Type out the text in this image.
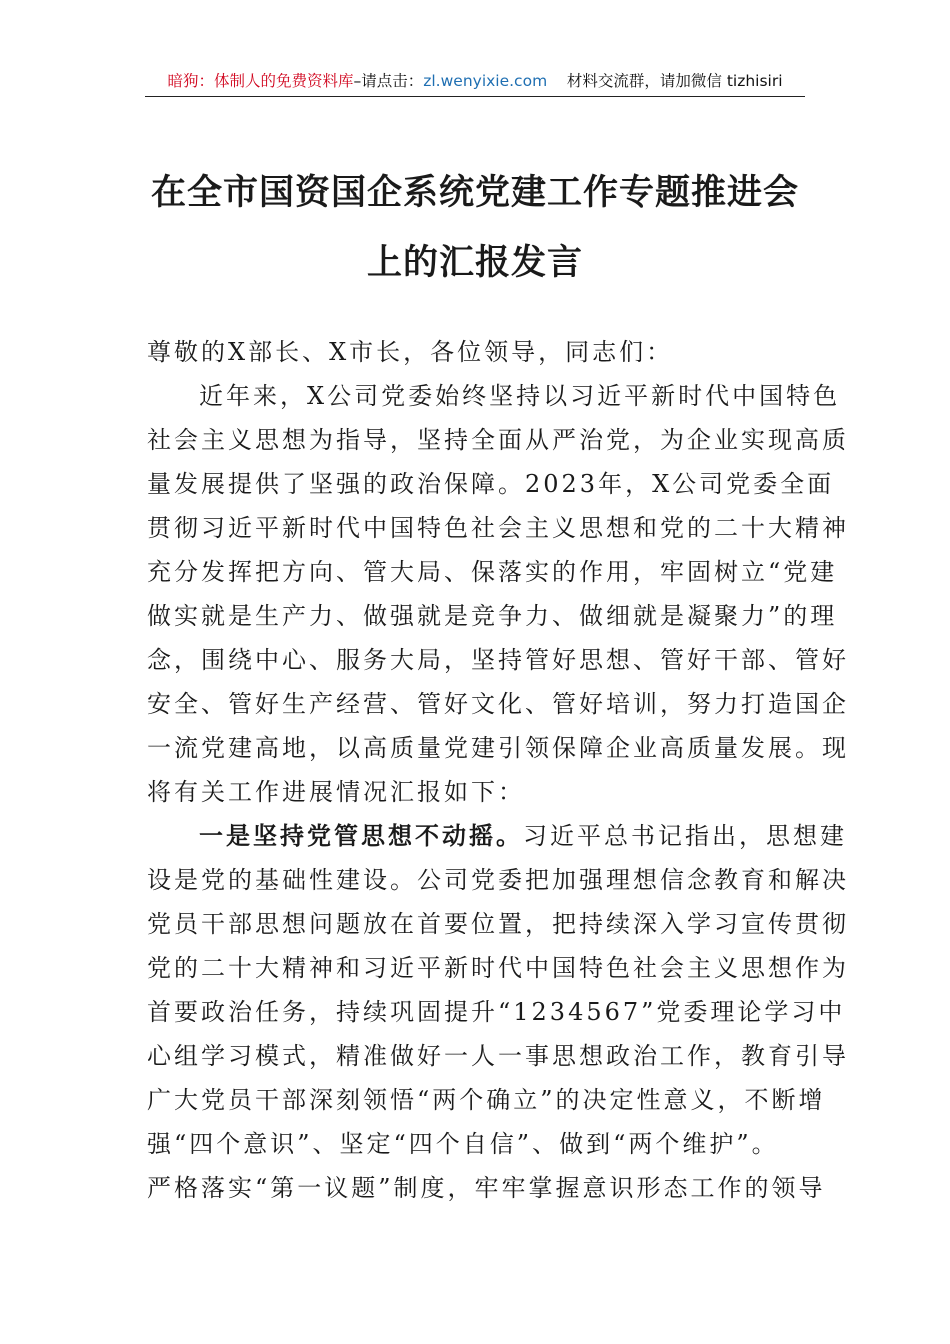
暗狗：体制人的免费资料库–请点击：zl.wenyixie.com 材料交流群，请加微信 tizhisiri
在全市国资国企系统党建工作专题推进会
上的汇报发言
尊敬的X部长、X市长，各位领导，同志们：
近年来，X公司党委始终坚持以习近平新时代中国特色
社会主义思想为指导，坚持全面从严治党，为企业实现高质
量发展提供了坚强的政治保障。2023年，X公司党委全面
贯彻习近平新时代中国特色社会主义思想和党的二十大精神
充分发挥把方向、管大局、保落实的作用，牢固树立“党建
做实就是生产力、做强就是竞争力、做细就是凝聚力”的理
念，围绕中心、服务大局，坚持管好思想、管好干部、管好
安全、管好生产经营、管好文化、管好培训，努力打造国企
一流党建高地，以高质量党建引领保障企业高质量发展。现
将有关工作进展情况汇报如下：
一是坚持党管思想不动摇。习近平总书记指出，思想建
设是党的基础性建设。公司党委把加强理想信念教育和解决
党员干部思想问题放在首要位置，把持续深入学习宣传贯彻
党的二十大精神和习近平新时代中国特色社会主义思想作为
首要政治任务，持续巩固提升“1234567”党委理论学习中
心组学习模式，精准做好一人一事思想政治工作，教育引导
广大党员干部深刻领悟“两个确立”的决定性意义，不断增
强“四个意识”、坚定“四个自信”、做到“两个维护”。
严格落实“第一议题”制度，牢牢掌握意识形态工作的领导
